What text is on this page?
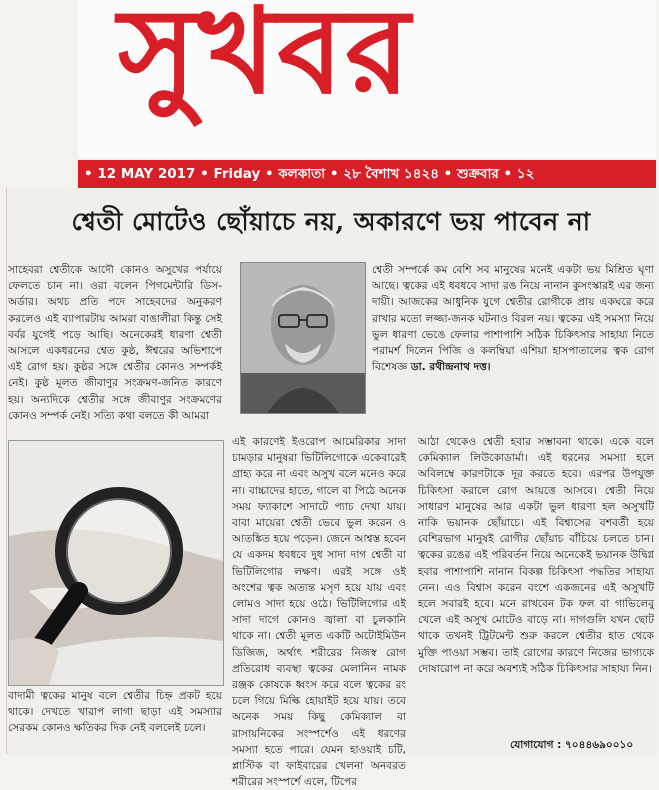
সুখবর
• 12 MAY 2017 • Friday • কলকাতা • ২৮ বৈশাখ ১৪২৪ • শুক্রবার • ১২
শ্বেতী মোটেও ছোঁয়াচে নয়, অকারণে ভয় পাবেন না
সাহেবরা শ্বেতীকে আদৌ কোনও অসুখের পর্যায়ে ফেলতে চান না। ওরা বলেন পিগমেন্টারি ডিস-অর্ডার। অথচ প্রতি পদে সাহেবদের অনুকরণ করলেও এই ব্যাপারটায় আমরা বাঙালীরা কিন্তু সেই বর্বর যুগেই পড়ে আছি। অনেকেরই ধারণা শ্বেতী আসলে একধরনের শ্বেত কুষ্ঠ, ঈশ্বরের অভিশাপে এই রোগ হয়। কুষ্ঠর সঙ্গে শ্বেতীর কোনও সম্পর্কই নেই। কুষ্ঠ মূলত জীবাণুর সংক্রমণ-জনিত কারণে হয়। অন্যদিকে শ্বেতীর সঙ্গে জীবাণুর সংক্রমণের কোনও সম্পর্ক নেই। সত্যি কথা বলতে কী আমরা
শ্বেতী সম্পর্কে কম বেশি সব মানুষের মনেই একটা ভয় মিশ্রিত ঘৃণা আছে। ত্বকের এই ধবধবে সাদা রঙ নিয়ে নানান কুসংস্কারই এর জন্য দায়ী। আজকের আধুনিক যুগে শ্বেতীর রোগীকে প্রায় একঘরে করে রাখার মতো লজ্জা-জনক ঘটনাও বিরল নয়। ত্বকের এই সমস্যা নিয়ে ভুল ধারণা ভেঙে ফেলার পাশাপাশি সঠিক চিকিৎসার সাহায্য নিতে পরামর্শ দিলেন পিজি ও কলম্বিয়া এশিয়া হাসপাতালের ত্বক রোগ বিশেষজ্ঞ ডা. রথীন্দ্রনাথ দত্ত।
বাদামী ত্বকের মানুষ বলে শ্বেতীর চিহ্ন প্রকট হয়ে থাকে। দেখতে খারাপ লাগা ছাড়া এই সমস্যার সেরকম কোনও ক্ষতিকর দিক নেই বললেই চলে।
এই কারণেই ইওরোপ আমেরিকার সাদা চামড়ার মানুষরা ভিটিলিগোকে একেবারেই গ্রাহ্য করে না এবং অসুখ বলে মনেও করে না। বাচ্চাদের হাতে, গালে বা পিঠে অনেক সময় ফ্যাকাশে সাদাটে প্যাচ দেখা যায়। বাবা মায়েরা শ্বেতী ভেবে ভুল করেন ও আতঙ্কিত হয়ে পড়েন। জেনে আশ্বস্ত হবেন যে একদম ধবধবে দুধ সাদা দাগ শ্বেতী বা ভিটিলিগোর লক্ষণ। এরই সঙ্গে ওই অংশের ত্বক অত্যন্ত মসৃণ হয়ে যায় এবং লোমও সাদা হয়ে ওঠে। ভিটিলিগোর এই সাদা দাগে কোনও জ্বালা বা চুলকানি থাকে না। শ্বেতী মূলত একটি অটোইমিউন ডিজিজ, অর্থাৎ শরীরের নিজস্ব রোগ প্রতিরোধ ব্যবস্থা ত্বকের মেলানিন নামক রঞ্জক কোষকে ধ্বংস করে বলে ত্বকের রং চলে গিয়ে মিল্কি হোয়াইট হয়ে যায়। তবে অনেক সময় কিছু কেমিক্যাল বা রাসায়নিকের সংস্পর্শেও এই ধরণের সমস্যা হতে পারে। যেমন হাওয়াই চটি, প্লাস্টিক বা ফাইবারের খেলনা অনবরত শরীরের সংস্পর্শে এলে, টিপের
আঠা থেকেও শ্বেতী হবার সম্ভাবনা থাকে। একে বলে কেমিক্যাল লিউকোডার্মা। এই ধরনের সমস্যা হলে অবিলম্বে কারণটাকে দূর করতে হবে। এরপর উপযুক্ত চিকিৎসা করালে রোগ আয়ত্তে আসবে। শ্বেতী নিয়ে সাধারণ মানুষের আর একটা ভুল ধারণা হল অসুখটি নাকি ভয়ানক ছোঁয়াচে। এই বিশ্বাসের বশবর্তী হয়ে বেশিরভাগ মানুষই রোগীর ছোঁয়াচ বাঁচিয়ে চলতে চান। ত্বকের রঙের এই পরিবর্তন নিয়ে অনেকেই ভয়ানক উদ্বিগ্ন হবার পাশাপাশি নানান বিকল্প চিকিৎসা পদ্ধতির সাহায্য নেন। এও বিশ্বাস করেন বংশে একজনের এই অসুখটি হলে সবারই হবে। মনে রাখবেন টক ফল বা গাভিলেবু খেলে এই অসুখ মোটেও বাড়ে না। দাগগুলি যখন ছোট থাকে তখনই ট্রিটমেন্ট শুরু করলে শ্বেতীর হাত থেকে মুক্তি পাওয়া সম্ভব। তাই রোগের কারণে নিজের ভাগ্যকে দোষারোপ না করে অবশ্যই সঠিক চিকিৎসার সাহায্য নিন।
যোগাযোগ : ৭০৪৪৬৯০০১০
